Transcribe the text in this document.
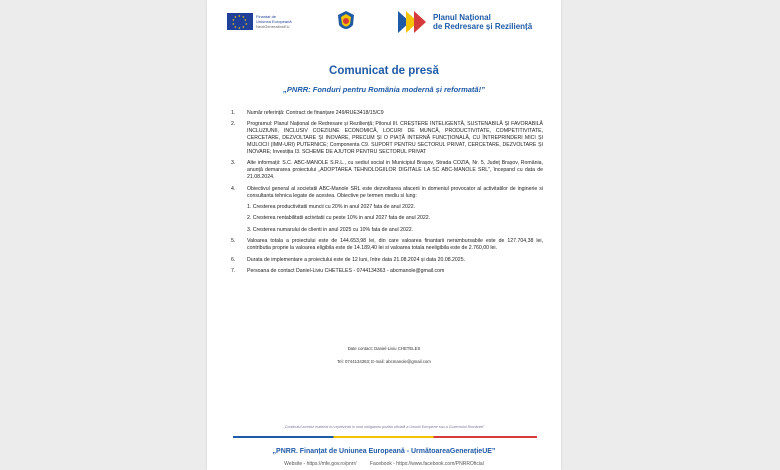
★ ★
★
★
★
★
★
★
★
★	Finanțat de
Uniunea Europeană
NextGenerationEU
Planul Național
de Redresare și Reziliență
Comunicat de presă
„PNRR: Fonduri pentru România modernă și reformată!”
1.	Număr referință: Contract de finanțare 249/RUE3418/15/C9
2.	Programul: Planul Național de Redresare și Reziliență; Pilonul III. CREȘTERE INTELIGENTĂ, SUSTENABILĂ ȘI FAVORABILĂ INCLUZIUNII, INCLUSIV COEZIUNE ECONOMICĂ, LOCURI DE MUNCĂ, PRODUCTIVITATE, COMPETITIVITATE, CERCETARE, DEZVOLTARE ȘI INOVARE, PRECUM ȘI O PIAȚĂ INTERNĂ FUNCȚIONALĂ, CU ÎNTREPRINDERI MICI ȘI MIJLOCII (IMM-URI) PUTERNICE; Componenta C9. SUPORT PENTRU SECTORUL PRIVAT, CERCETARE, DEZVOLTARE ȘI INOVARE; Investiția I3. SCHEME DE AJUTOR PENTRU SECTORUL PRIVAT
3.	Alte informații: S.C. ABC-MANOLE S.R.L., cu sediul social in Municipiul Brașov, Strada COZIA, Nr. 5, Județ Brașov, România, anunță demararea proiectului „ADOPTAREA TEHNOLOGIILOR DIGITALE LA SC ABC-MANOLE SRL”, începand cu data de 21.08.2024.
4.	Obiectivul general al societatii ABC-Manole SRL este dezvoltarea afacerii in domeniul provocator al activitatilor de inginerie si consultanta tehnica legate de acestea. Obiective pe termen mediu si lung:
1. Cresterea productivitatii muncii cu 20% in anul 2027 fata de anul 2022.
2. Cresterea rentabilitatii activitatii cu peste 10% in anul 2027 fata de anul 2022.
3. Cresterea numarului de clienti in anul 2025 cu 10% fata de anul 2022.
5.	Valoarea totala a proiectului este de 144.653,98 lei, din care valoarea finantarii nerambursabile este de 127.704,38 lei, contributia proprie la valoarea eligibila este de 14.189,40 lei si valoarea totala neeligibila este de 2.760,00 lei.
6.	Durata de implementare a proiectului este de 12 luni, între data 21.08.2024 și data 20.08.2025.
7.	Persoana de contact Daniel-Liviu CHETELES - 0744134363 - abcmanole@gmail.com
Date contact: Daniel-Liviu CHETELES
Tel: 0744134363; E-mail: abcmanole@gmail.com
„Conținutul acestui material nu reprezintă în mod obligatoriu poziția oficială a Uniunii Europene sau a Guvernului României”
„PNRR. Finanțat de Uniunea Europeană - UrmătoareaGenerațieUE”
Website - https://mfe.gov.ro/pnrr/	Facebook - https://www.facebook.com/PNRROficial
